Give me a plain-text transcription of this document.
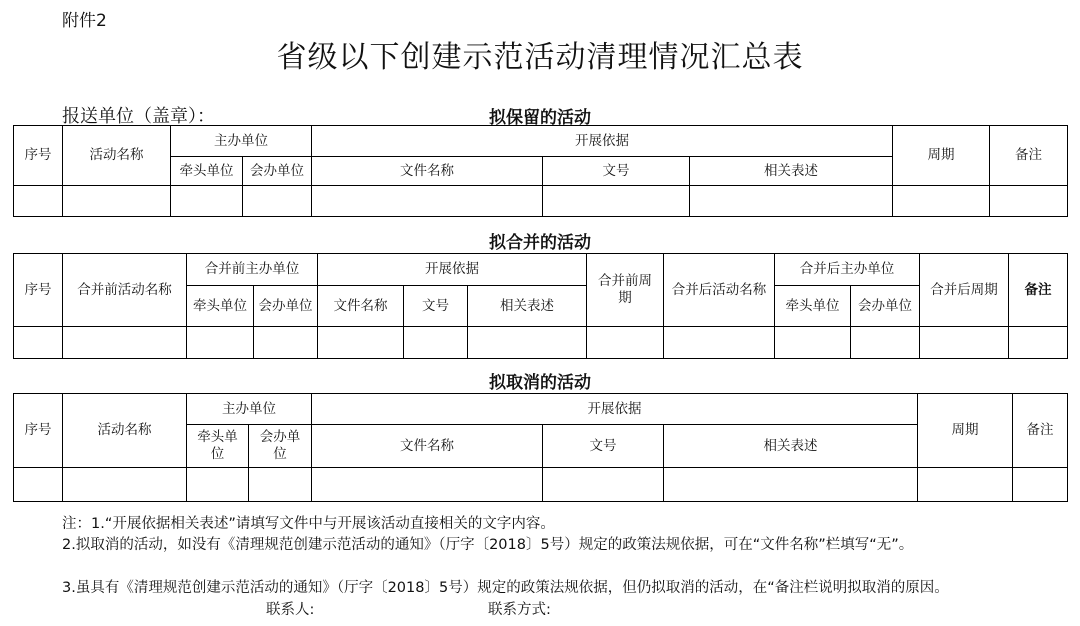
附件2
省级以下创建示范活动清理情况汇总表
报送单位（盖章）：	拟保留的活动
序号	活动名称	主办单位		开展依据			周期	备注
		牵头单位	会办单位	文件名称	文号	相关表述		

拟合并的活动
序号	合并前活动名称	合并前主办单位		开展依据			合并前周期	合并后活动名称	合并后主办单位		合并后周期	备注
		牵头单位	会办单位	文件名称	文号	相关表述			牵头单位	会办单位		

拟取消的活动
序号	活动名称	主办单位		开展依据			周期	备注
		牵头单位	会办单位	文件名称	文号	相关表述		

注：1.“开展依据相关表述”请填写文件中与开展该活动直接相关的文字内容。
2.拟取消的活动，如没有《清理规范创建示范活动的通知》（厅字〔2018〕5号）规定的政策法规依据，可在“文件名称”栏填写“无”。
3.虽具有《清理规范创建示范活动的通知》（厅字〔2018〕5号）规定的政策法规依据，但仍拟取消的活动，在“备注栏说明拟取消的原因。
联系人:	联系方式:
